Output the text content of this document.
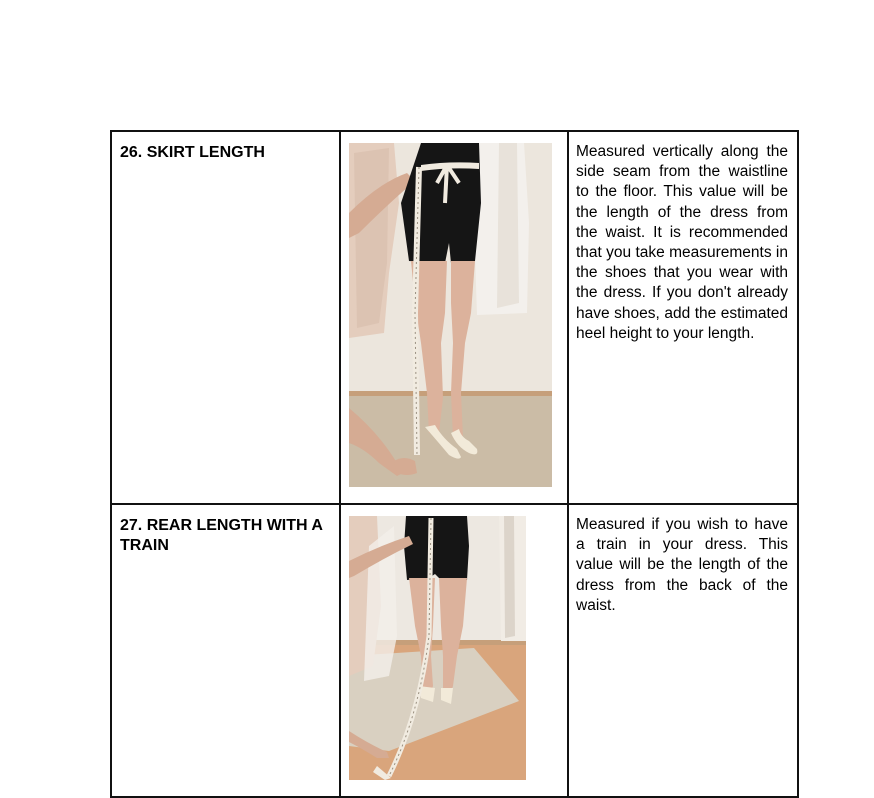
26. SKIRT LENGTH		Measured vertically along the side seam from the waistline to the floor. This value will be the length of the dress from the waist. It is recommended that you take measurements in the shoes that you wear with the dress. If you don't already have shoes, add the estimated heel height to your length.

27. REAR LENGTH WITH A TRAIN		Measured if you wish to have a train in your dress. This value will be the length of the dress from the back of the waist.
